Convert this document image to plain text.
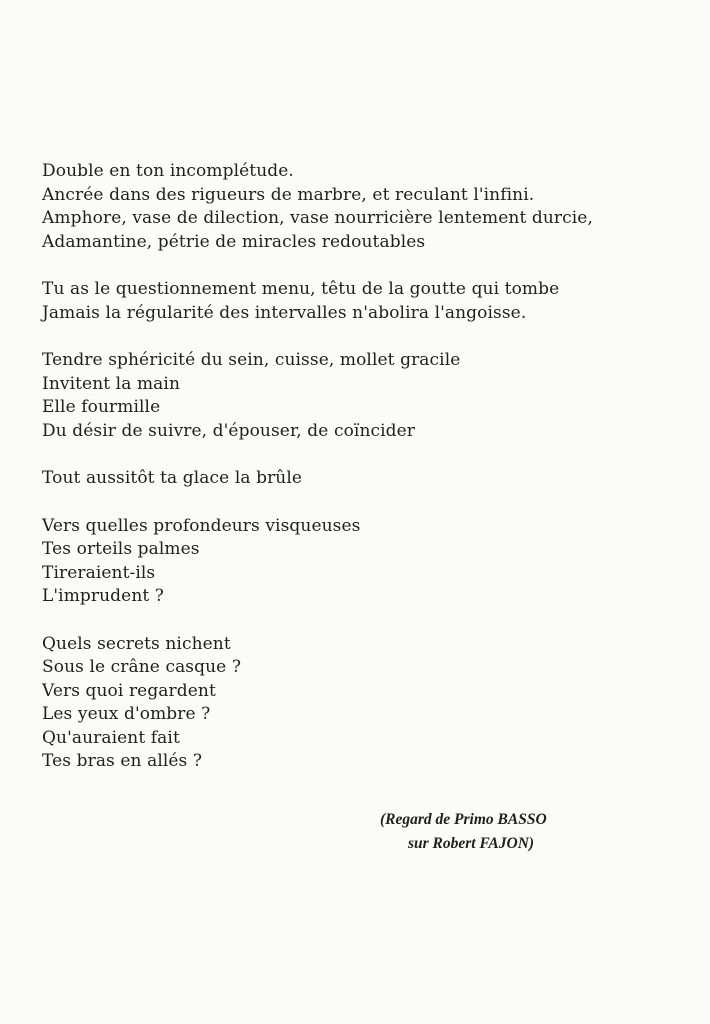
Double en ton incomplétude.
Ancrée dans des rigueurs de marbre, et reculant l'infini.
Amphore, vase de dilection, vase nourricière lentement durcie,
Adamantine, pétrie de miracles redoutables
Tu as le questionnement menu, têtu de la goutte qui tombe
Jamais la régularité des intervalles n'abolira l'angoisse.
Tendre sphéricité du sein, cuisse, mollet gracile
Invitent la main
Elle fourmille
Du désir de suivre, d'épouser, de coïncider
Tout aussitôt ta glace la brûle
Vers quelles profondeurs visqueuses
Tes orteils palmes
Tireraient-ils
L'imprudent ?
Quels secrets nichent
Sous le crâne casque ?
Vers quoi regardent
Les yeux d'ombre ?
Qu'auraient fait
Tes bras en allés ?
(Regard de Primo BASSO
sur Robert FAJON)
